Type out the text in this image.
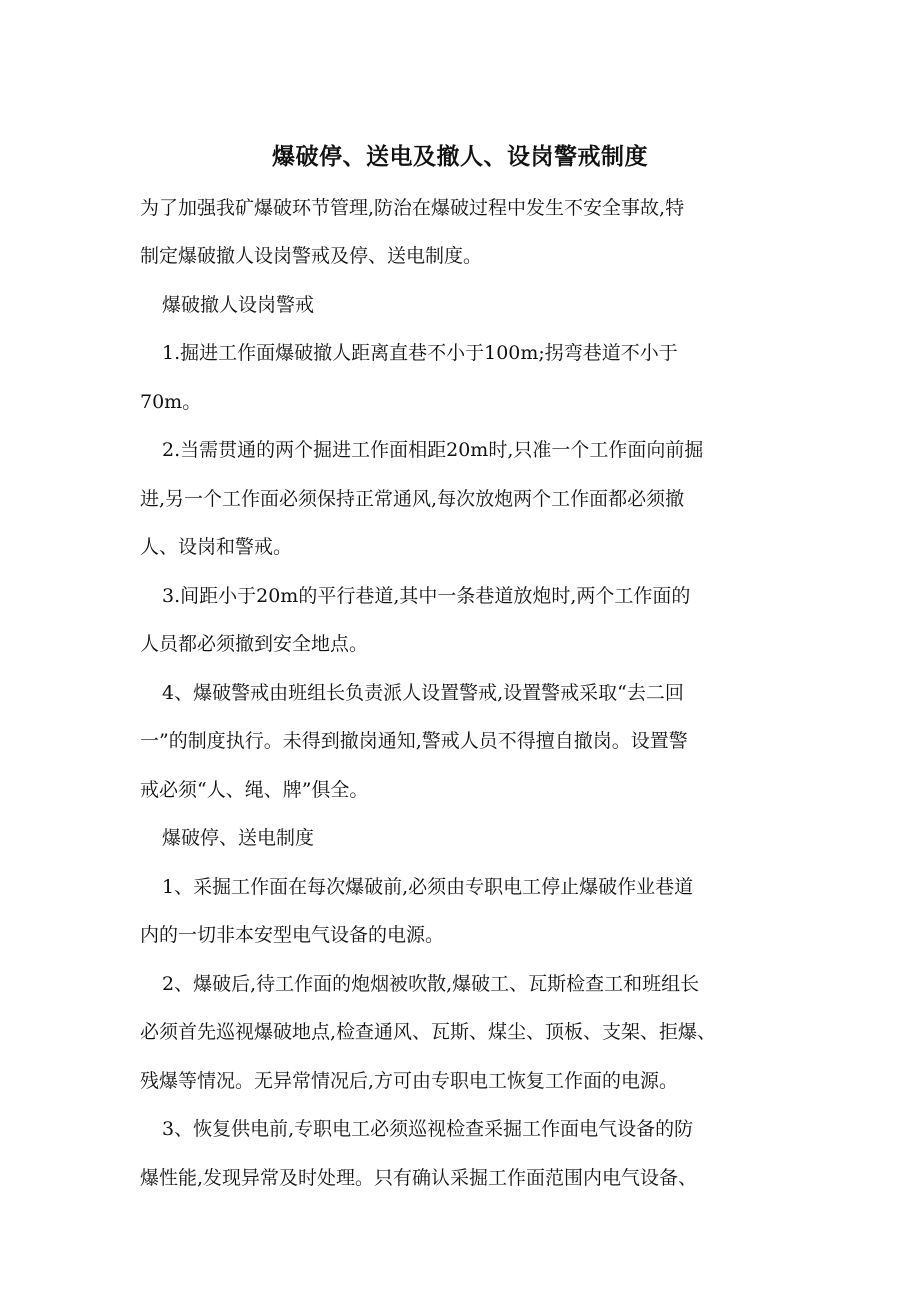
爆破停、送电及撤人、设岗警戒制度
为了加强我矿爆破环节管理,防治在爆破过程中发生不安全事故,特
制定爆破撤人设岗警戒及停、送电制度。
爆破撤人设岗警戒
1.掘进工作面爆破撤人距离直巷不小于100m;拐弯巷道不小于
70m。
2.当需贯通的两个掘进工作面相距20m时,只准一个工作面向前掘
进,另一个工作面必须保持正常通风,每次放炮两个工作面都必须撤
人、设岗和警戒。
3.间距小于20m的平行巷道,其中一条巷道放炮时,两个工作面的
人员都必须撤到安全地点。
4、爆破警戒由班组长负责派人设置警戒,设置警戒采取“去二回
一”的制度执行。未得到撤岗通知,警戒人员不得擅自撤岗。设置警
戒必须“人、绳、牌”俱全。
爆破停、送电制度
1、采掘工作面在每次爆破前,必须由专职电工停止爆破作业巷道
内的一切非本安型电气设备的电源。
2、爆破后,待工作面的炮烟被吹散,爆破工、瓦斯检查工和班组长
必须首先巡视爆破地点,检查通风、瓦斯、煤尘、顶板、支架、拒爆、
残爆等情况。无异常情况后,方可由专职电工恢复工作面的电源。
3、恢复供电前,专职电工必须巡视检查采掘工作面电气设备的防
爆性能,发现异常及时处理。只有确认采掘工作面范围内电气设备、
